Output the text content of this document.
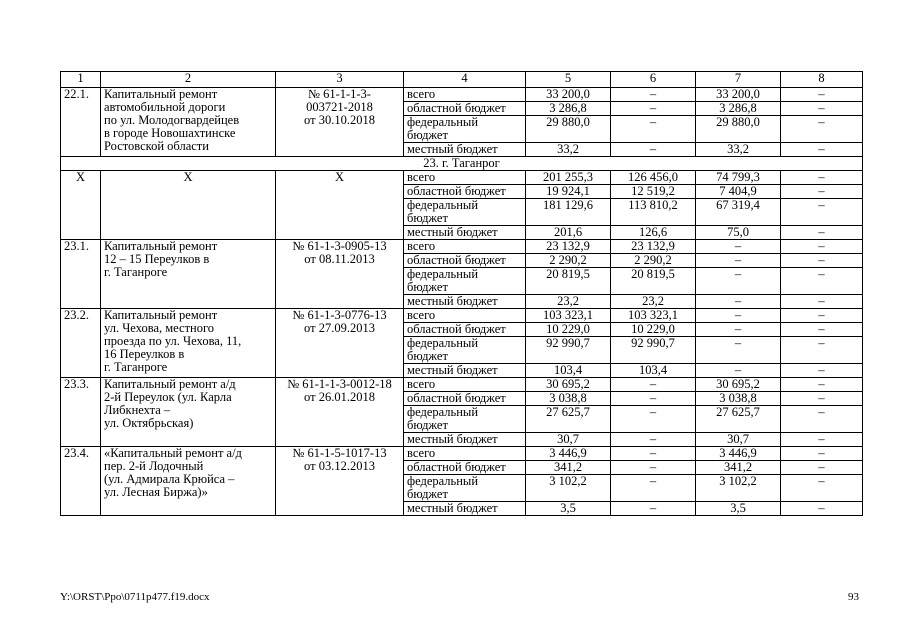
1	2	3	4	5	6	7	8
22.1.	Капитальный ремонт
автомобильной дороги
по ул. Молодогвардейцев
в городе Новошахтинске
Ростовской области	№ 61-1-1-3-
003721-2018
от 30.10.2018	всего	33 200,0	–	33 200,0	–
			областной бюджет	3 286,8	–	3 286,8	–
			федеральный
бюджет	29 880,0	–	29 880,0	–
			местный бюджет	33,2	–	33,2	–
23. г. Таганрог							
Х	Х	Х	всего	201 255,3	126 456,0	74 799,3	–
			областной бюджет	19 924,1	12 519,2	7 404,9	–
			федеральный
бюджет	181 129,6	113 810,2	67 319,4	–
			местный бюджет	201,6	126,6	75,0	–
23.1.	Капитальный ремонт
12 – 15 Переулков в
г. Таганроге	№ 61-1-3-0905-13
от 08.11.2013	всего	23 132,9	23 132,9	–	–
			областной бюджет	2 290,2	2 290,2	–	–
			федеральный
бюджет	20 819,5	20 819,5	–	–
			местный бюджет	23,2	23,2	–	–
23.2.	Капитальный ремонт
ул. Чехова, местного
проезда по ул. Чехова, 11,
16 Переулков в
г. Таганроге	№ 61-1-3-0776-13
от 27.09.2013	всего	103 323,1	103 323,1	–	–
			областной бюджет	10 229,0	10 229,0	–	–
			федеральный
бюджет	92 990,7	92 990,7	–	–
			местный бюджет	103,4	103,4	–	–
23.3.	Капитальный ремонт а/д
2-й Переулок (ул. Карла
Либкнехта –
ул. Октябрьская)	№ 61-1-1-3-0012-18
от 26.01.2018	всего	30 695,2	–	30 695,2	–
			областной бюджет	3 038,8	–	3 038,8	–
			федеральный
бюджет	27 625,7	–	27 625,7	–
			местный бюджет	30,7	–	30,7	–
23.4.	«Капитальный ремонт а/д
пер. 2-й Лодочный
(ул. Адмирала Крюйса –
ул. Лесная Биржа)»	№ 61-1-5-1017-13
от 03.12.2013	всего	3 446,9	–	3 446,9	–
			областной бюджет	341,2	–	341,2	–
			федеральный
бюджет	3 102,2	–	3 102,2	–
			местный бюджет	3,5	–	3,5	–
Y:\ORST\Ppo\0711p477.f19.docx	93
